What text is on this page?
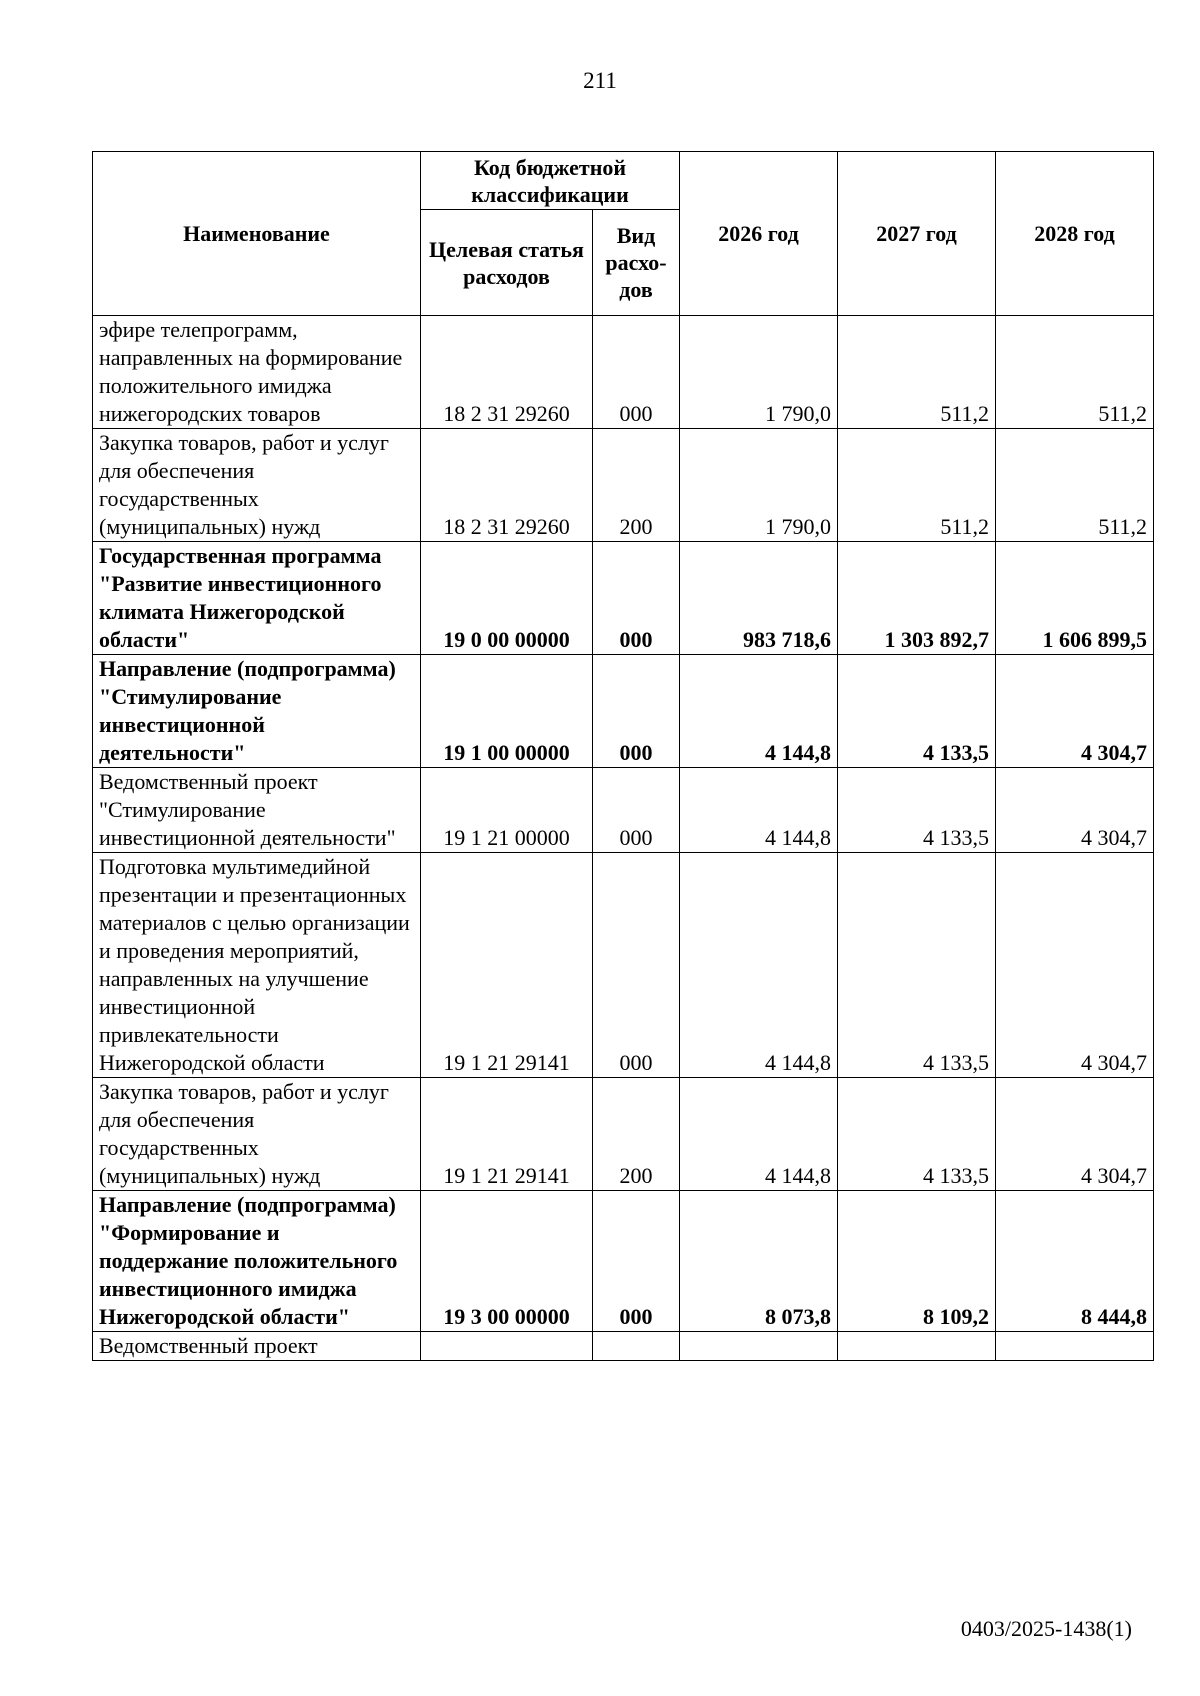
211
Наименование	Код бюджетной классификации		2026 год	2027 год	2028 год
	Целевая статья расходов	Вид расхо-дов			
эфире телепрограмм, направленных на формирование положительного имиджа нижегородских товаров	18 2 31 29260	000	1 790,0	511,2	511,2
Закупка товаров, работ и услуг для обеспечения государственных (муниципальных) нужд	18 2 31 29260	200	1 790,0	511,2	511,2
Государственная программа "Развитие инвестиционного климата Нижегородской области"	19 0 00 00000	000	983 718,6	1 303 892,7	1 606 899,5
Направление (подпрограмма) "Стимулирование инвестиционной деятельности"	19 1 00 00000	000	4 144,8	4 133,5	4 304,7
Ведомственный проект "Стимулирование инвестиционной деятельности"	19 1 21 00000	000	4 144,8	4 133,5	4 304,7
Подготовка мультимедийной презентации и презентационных материалов с целью организации и проведения мероприятий, направленных на улучшение инвестиционной привлекательности Нижегородской области	19 1 21 29141	000	4 144,8	4 133,5	4 304,7
Закупка товаров, работ и услуг для обеспечения государственных (муниципальных) нужд	19 1 21 29141	200	4 144,8	4 133,5	4 304,7
Направление (подпрограмма) "Формирование и поддержание положительного инвестиционного имиджа Нижегородской области"	19 3 00 00000	000	8 073,8	8 109,2	8 444,8
Ведомственный проект					
0403/2025-1438(1)
